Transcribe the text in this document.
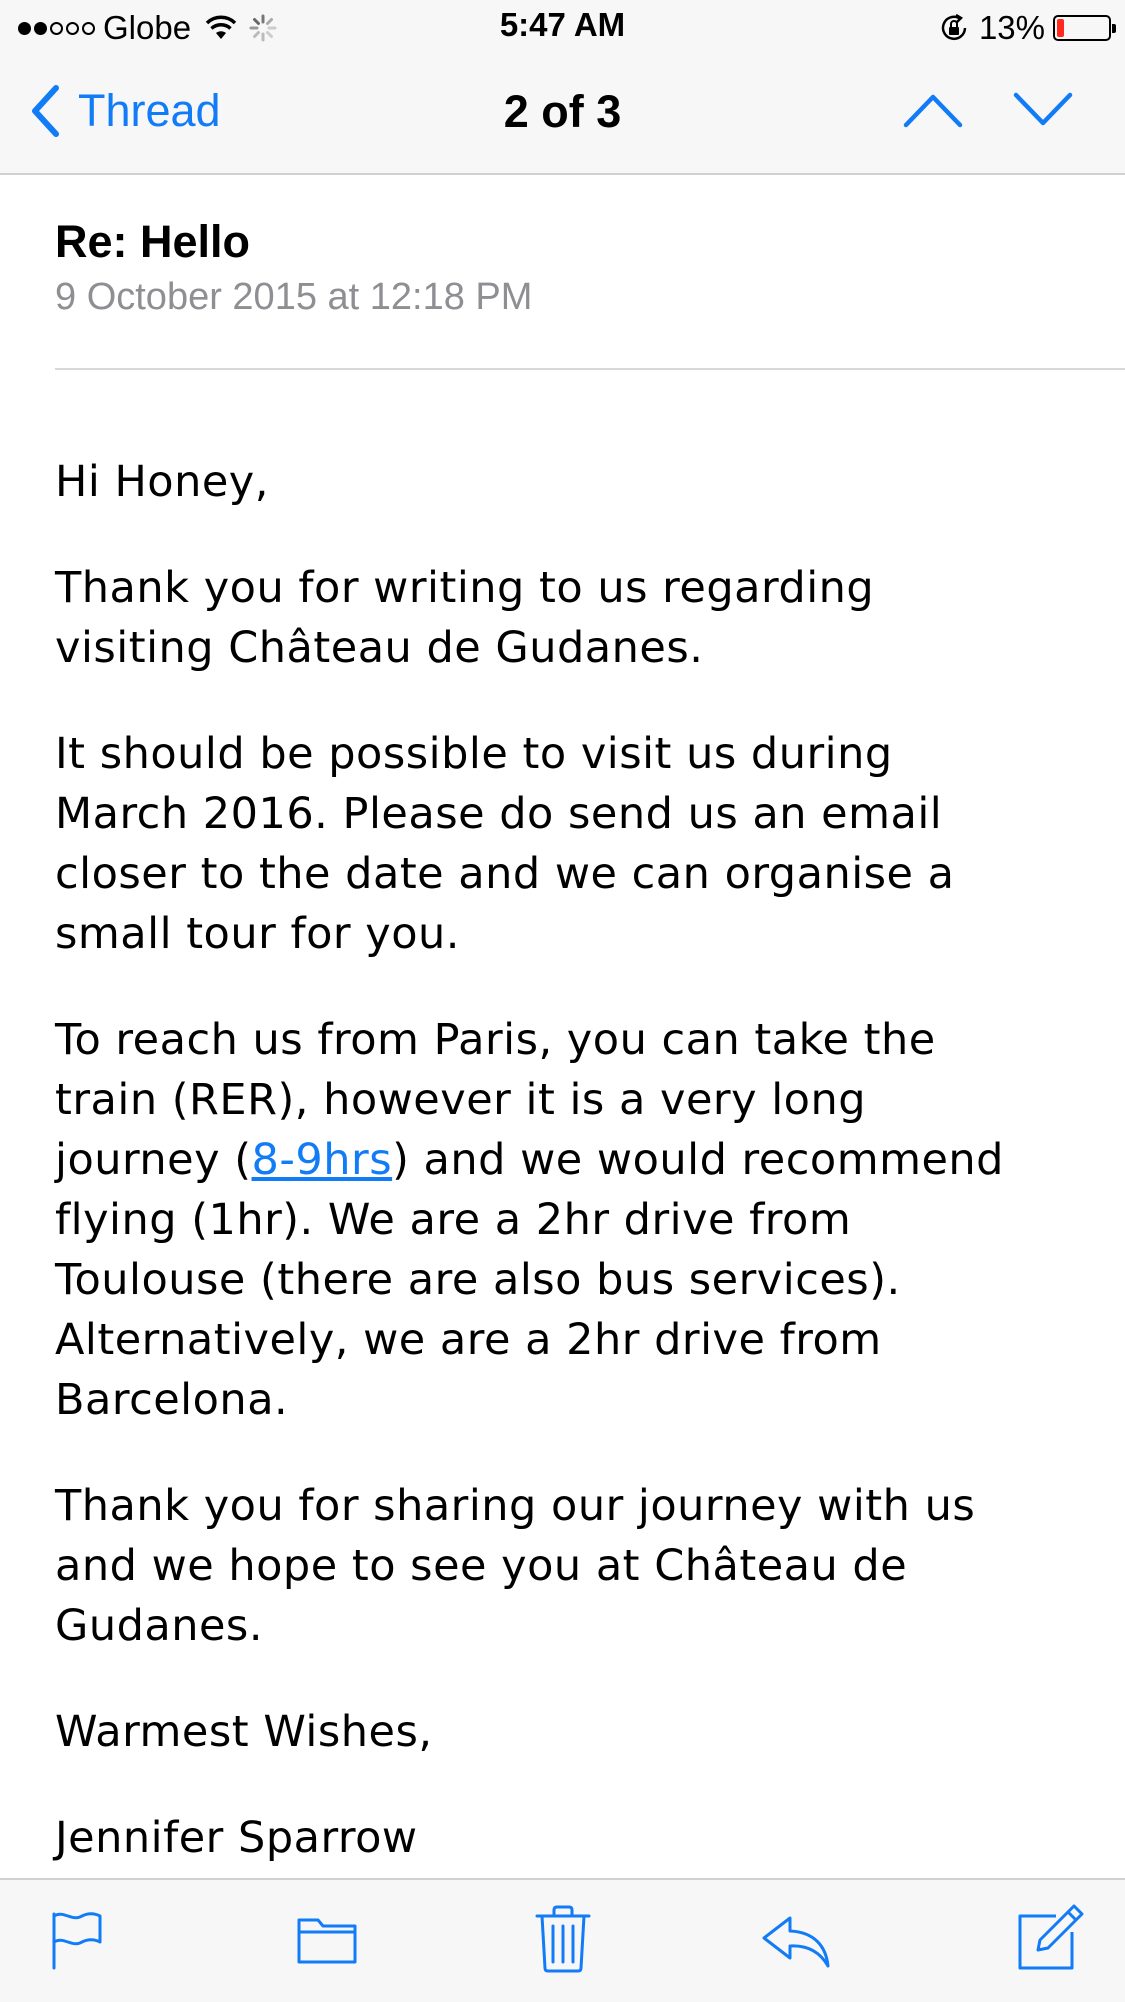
Globe	5:47 AM	13%
Thread	2 of 3
Re: Hello
9 October 2015 at 12:18 PM

Hi Honey,

Thank you for writing to us regarding
visiting Château de Gudanes.

It should be possible to visit us during
March 2016. Please do send us an email
closer to the date and we can organise a
small tour for you.

To reach us from Paris, you can take the
train (RER), however it is a very long
journey (8-9hrs) and we would recommend
flying (1hr). We are a 2hr drive from
Toulouse (there are also bus services).
Alternatively, we are a 2hr drive from
Barcelona.

Thank you for sharing our journey with us
and we hope to see you at Château de
Gudanes.

Warmest Wishes,

Jennifer Sparrow
